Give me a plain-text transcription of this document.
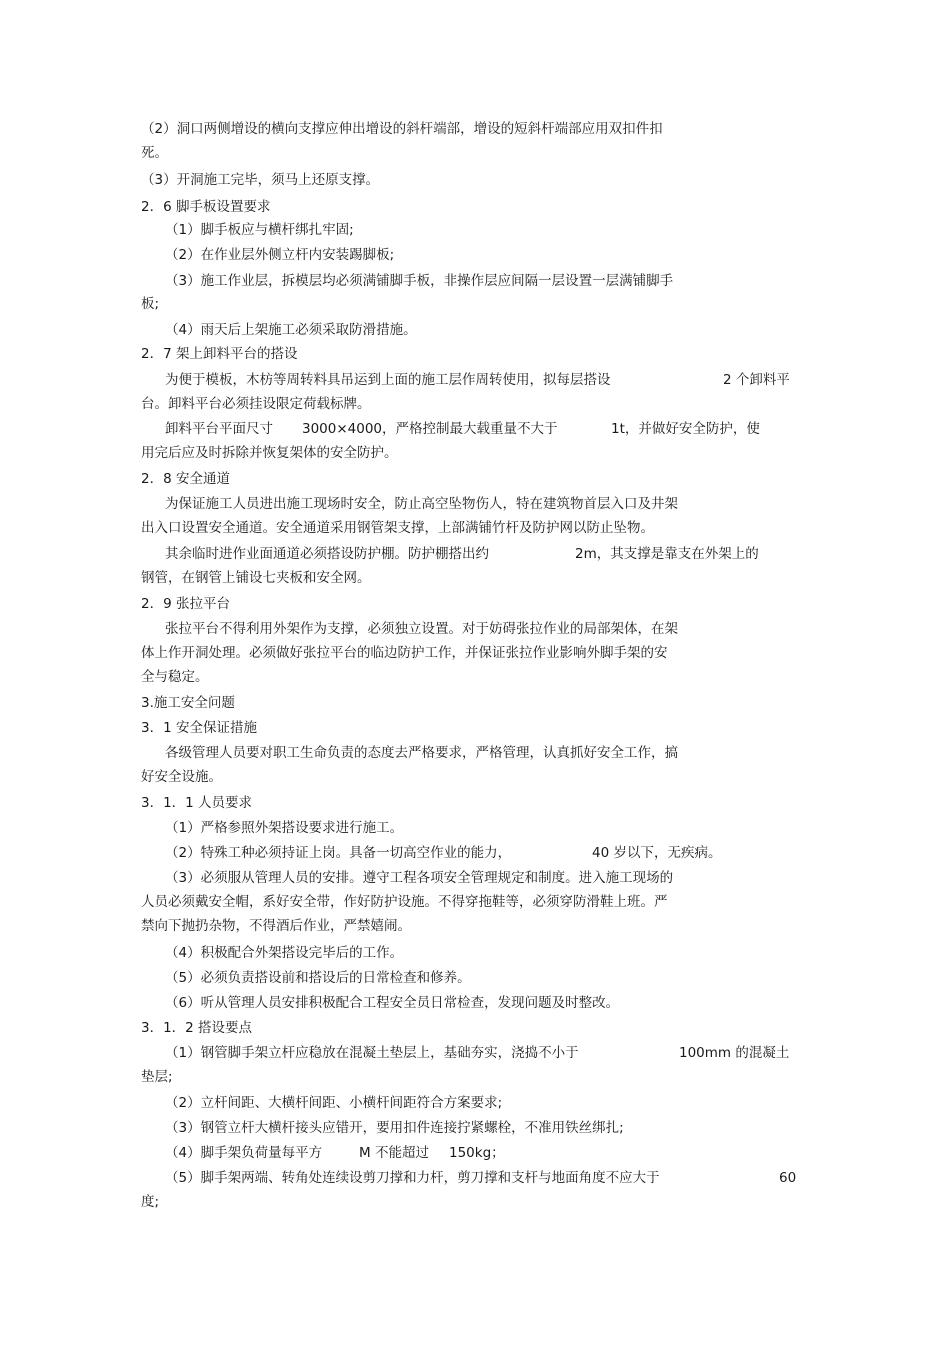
（2）洞口两侧增设的横向支撑应伸出增设的斜杆端部，增设的短斜杆端部应用双扣件扣
死。
（3）开洞施工完毕，须马上还原支撑。
2．6 脚手板设置要求
（1）脚手板应与横杆绑扎牢固;
（2）在作业层外侧立杆内安装踢脚板;
（3）施工作业层，拆模层均必须满铺脚手板，非操作层应间隔一层设置一层满铺脚手
板;
（4）雨天后上架施工必须采取防滑措施。
2．7 架上卸料平台的搭设
为便于模板，木枋等周转料具吊运到上面的施工层作周转使用，拟每层搭设	2 个卸料平
台。卸料平台必须挂设限定荷载标牌。
卸料平台平面尺寸 3000×4000，严格控制最大载重量不大于	1t，并做好安全防护，使
用完后应及时拆除并恢复架体的安全防护。
2．8 安全通道
为保证施工人员进出施工现场时安全，防止高空坠物伤人，特在建筑物首层入口及井架
出入口设置安全通道。安全通道采用钢管架支撑，上部满铺竹杆及防护网以防止坠物。
其余临时进作业面通道必须搭设防护棚。防护棚搭出约	2m，其支撑是靠支在外架上的
钢管，在钢管上铺设七夹板和安全网。
2．9 张拉平台
张拉平台不得利用外架作为支撑，必须独立设置。对于妨碍张拉作业的局部架体，在架
体上作开洞处理。必须做好张拉平台的临边防护工作，并保证张拉作业影响外脚手架的安
全与稳定。
3.施工安全问题
3．1 安全保证措施
各级管理人员要对职工生命负责的态度去严格要求，严格管理，认真抓好安全工作，搞
好安全设施。
3．1．1 人员要求
（1）严格参照外架搭设要求进行施工。
（2）特殊工种必须持证上岗。具备一切高空作业的能力，	40 岁以下，无疾病。
（3）必须服从管理人员的安排。遵守工程各项安全管理规定和制度。进入施工现场的
人员必须戴安全帽，系好安全带，作好防护设施。不得穿拖鞋等，必须穿防滑鞋上班。严
禁向下抛扔杂物，不得酒后作业，严禁嬉闹。
（4）积极配合外架搭设完毕后的工作。
（5）必须负责搭设前和搭设后的日常检查和修养。
（6）听从管理人员安排积极配合工程安全员日常检查，发现问题及时整改。
3．1．2 搭设要点
（1）钢管脚手架立杆应稳放在混凝土垫层上，基础夯实，浇捣不小于	100mm 的混凝土
垫层;
（2）立杆间距、大横杆间距、小横杆间距符合方案要求;
（3）钢管立杆大横杆接头应错开，要用扣件连接拧紧螺栓，不准用铁丝绑扎;
（4）脚手架负荷量每平方	M 不能超过 150kg；
（5）脚手架两端、转角处连续设剪刀撑和力杆，剪刀撑和支杆与地面角度不应大于	60
度;
